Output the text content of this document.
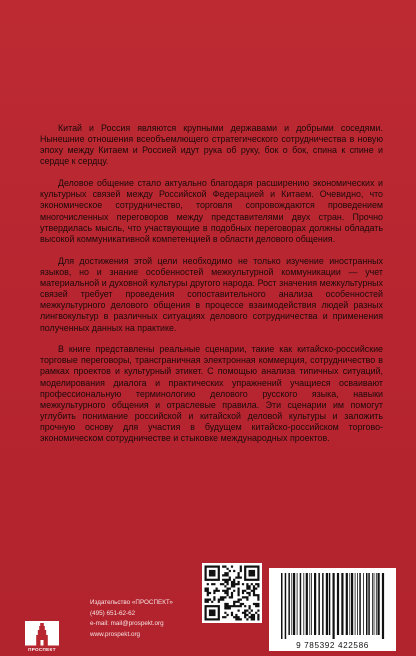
Китай и Россия являются крупными державами и добрыми соседями. Нынешние отношения всеобъемлющего стратегического сотрудничества в новую эпоху между Китаем и Россией идут рука об руку, бок о бок, спина к спине и сердце к сердцу.

Деловое общение стало актуально благодаря расширению экономических и культурных связей между Российской Федерацией и Китаем. Очевидно, что экономическое сотрудничество, торговля сопровождаются проведением многочисленных переговоров между представителями двух стран. Прочно утвердилась мысль, что участвующие в подобных переговорах должны обладать высокой коммуникативной компетенцией в области делового общения.

Для достижения этой цели необходимо не только изучение иностранных языков, но и знание особенностей межкультурной коммуникации — учет материальной и духовной культуры другого народа. Рост значения межкультурных связей требует проведения сопоставительного анализа особенностей межкультурного делового общения в процессе взаимодействия людей разных лингвокультур в различных ситуациях делового сотрудничества и применения полученных данных на практике.

В книге представлены реальные сценарии, такие как китайско-российские торговые переговоры, трансграничная электронная коммерция, сотрудничество в рамках проектов и культурный этикет. С помощью анализа типичных ситуаций, моделирования диалога и практических упражнений учащиеся осваивают профессиональную терминологию делового русского языка, навыки межкультурного общения и отраслевые правила. Эти сценарии им помогут углубить понимание российской и китайской деловой культуры и заложить прочную основу для участия в будущем китайско-российском торгово-экономическом сотрудничестве и стыковке международных проектов.

ПРОСПЕКТ
Издательство «ПРОСПЕКТ»
(495) 651-62-62
e-mail: mail@prospekt.org
www.prospekt.org
9 785392 422586
